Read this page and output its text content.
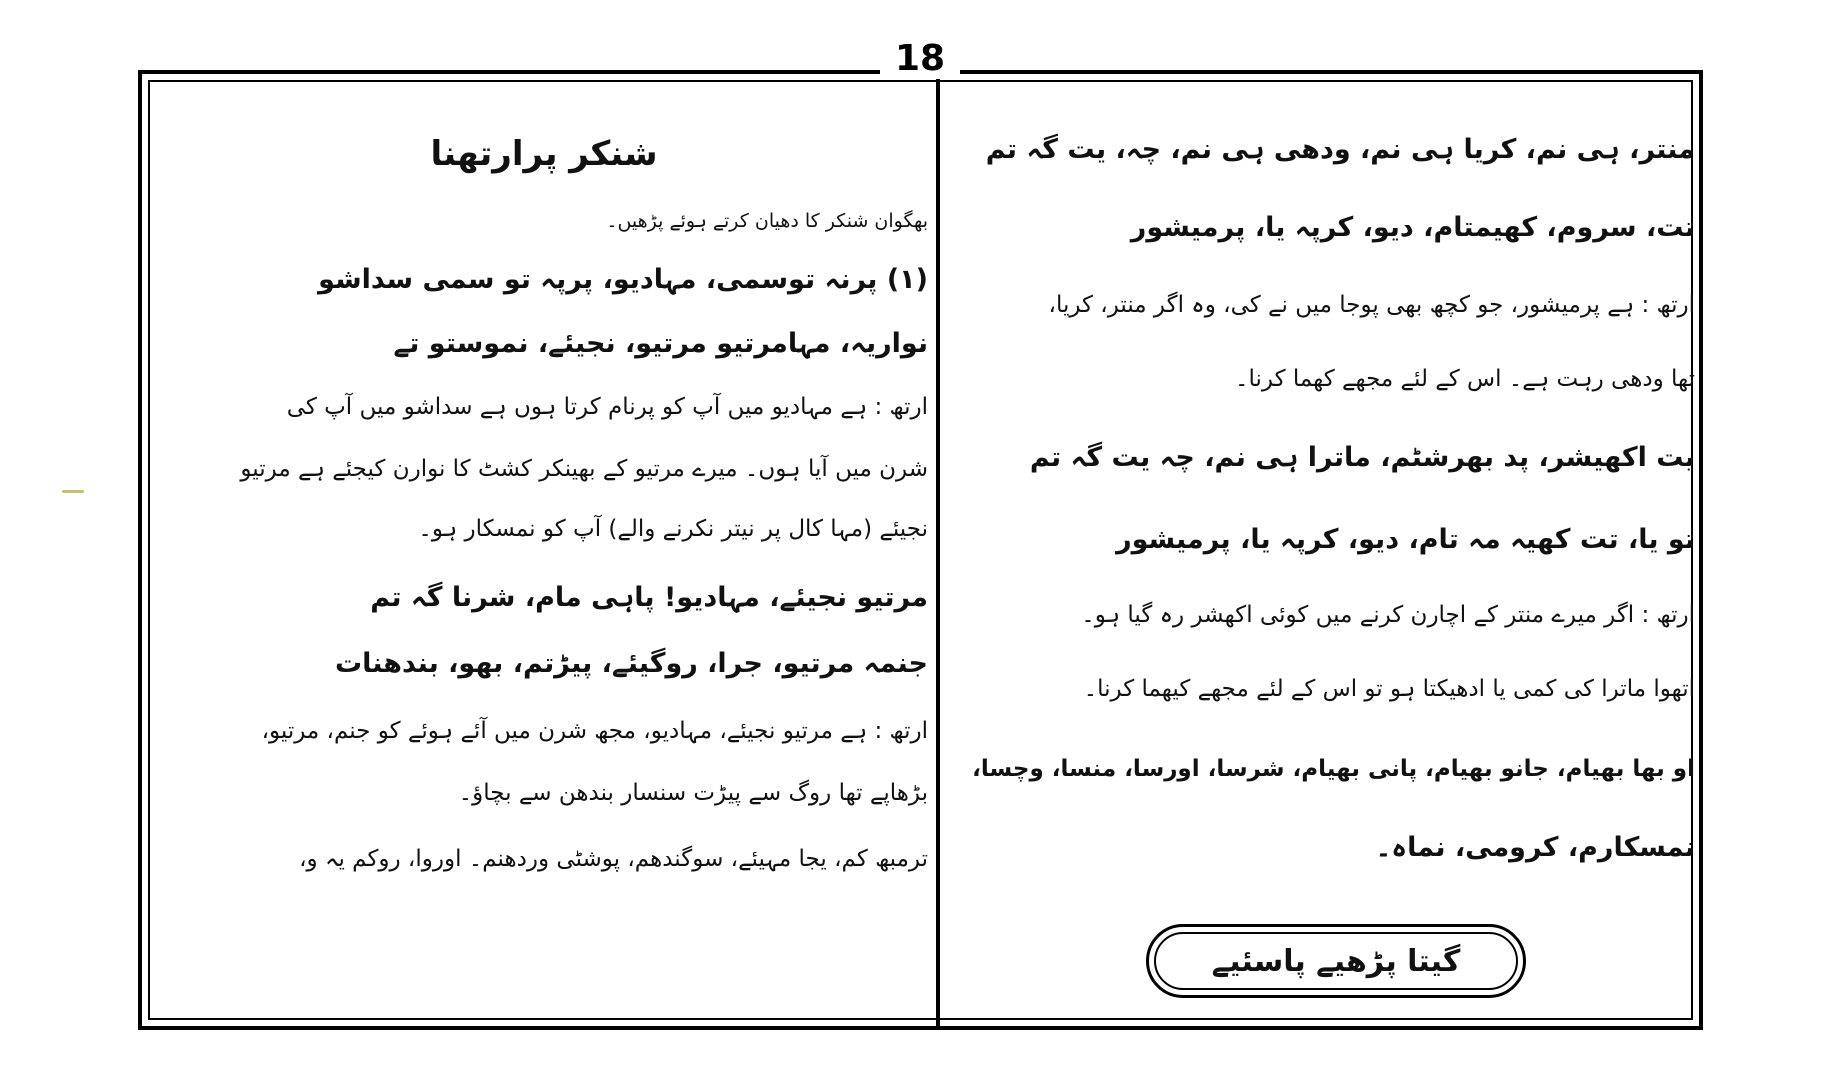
18
منتر، ہی نم، کریا ہی نم، ودھی ہی نم، چہ، یت گہ تم
تت، سروم، کھیمتام، دیو، کرپہ یا، پرمیشور
ارتھ : ہے پرمیشور، جو کچھ بھی پوجا میں نے کی، وہ اگر منتر، کریا،
تھا ودھی رہت ہے۔ اس کے لئے مجھے کھما کرنا۔
یت اکھیشر، پد بھرشٹم، ماترا ہی نم، چہ یت گہ تم
تو یا، تت کھیہ مہ تام، دیو، کرپہ یا، پرمیشور
ارتھ : اگر میرے منتر کے اچارن کرنے میں کوئی اکھشر رہ گیا ہو۔
اتھوا ماترا کی کمی یا ادھیکتا ہو تو اس کے لئے مجھے کیھما کرنا۔
او بھا بھیام، جانو بھیام، پانی بھیام، شرسا، اورسا، منسا، وچسا،
نمسکارم، کرومی، نماہ۔
گیتا پڑھیے پاسئیے
شنکر پرارتھنا
بھگوان شنکر کا دھیان کرتے ہوئے پڑھیں۔
(۱) پرنہ توسمی، مہادیو، پرپہ تو سمی سداشو
نواریہ، مہامرتیو مرتیو، نجیئے، نموستو تے
ارتھ : ہے مہادیو میں آپ کو پرنام کرتا ہوں ہے سداشو میں آپ کی
شرن میں آیا ہوں۔ میرے مرتیو کے بھینکر کشٹ کا نوارن کیجئے ہے مرتیو
نجیئے (مہا کال پر نیتر نکرنے والے) آپ کو نمسکار ہو۔
مرتیو نجیئے، مہادیو! پاہی مام، شرنا گہ تم
جنمہ مرتیو، جرا، روگیئے، پیڑتم، بھو، بندھنات
ارتھ : ہے مرتیو نجیئے، مہادیو، مجھ شرن میں آئے ہوئے کو جنم، مرتیو،
بڑھاپے تھا روگ سے پیڑت سنسار بندھن سے بچاؤ۔
ترمبھ کم، یجا مہیئے، سوگندھم، پوشٹی وردھنم۔ اوروا، روکم یہ و،
